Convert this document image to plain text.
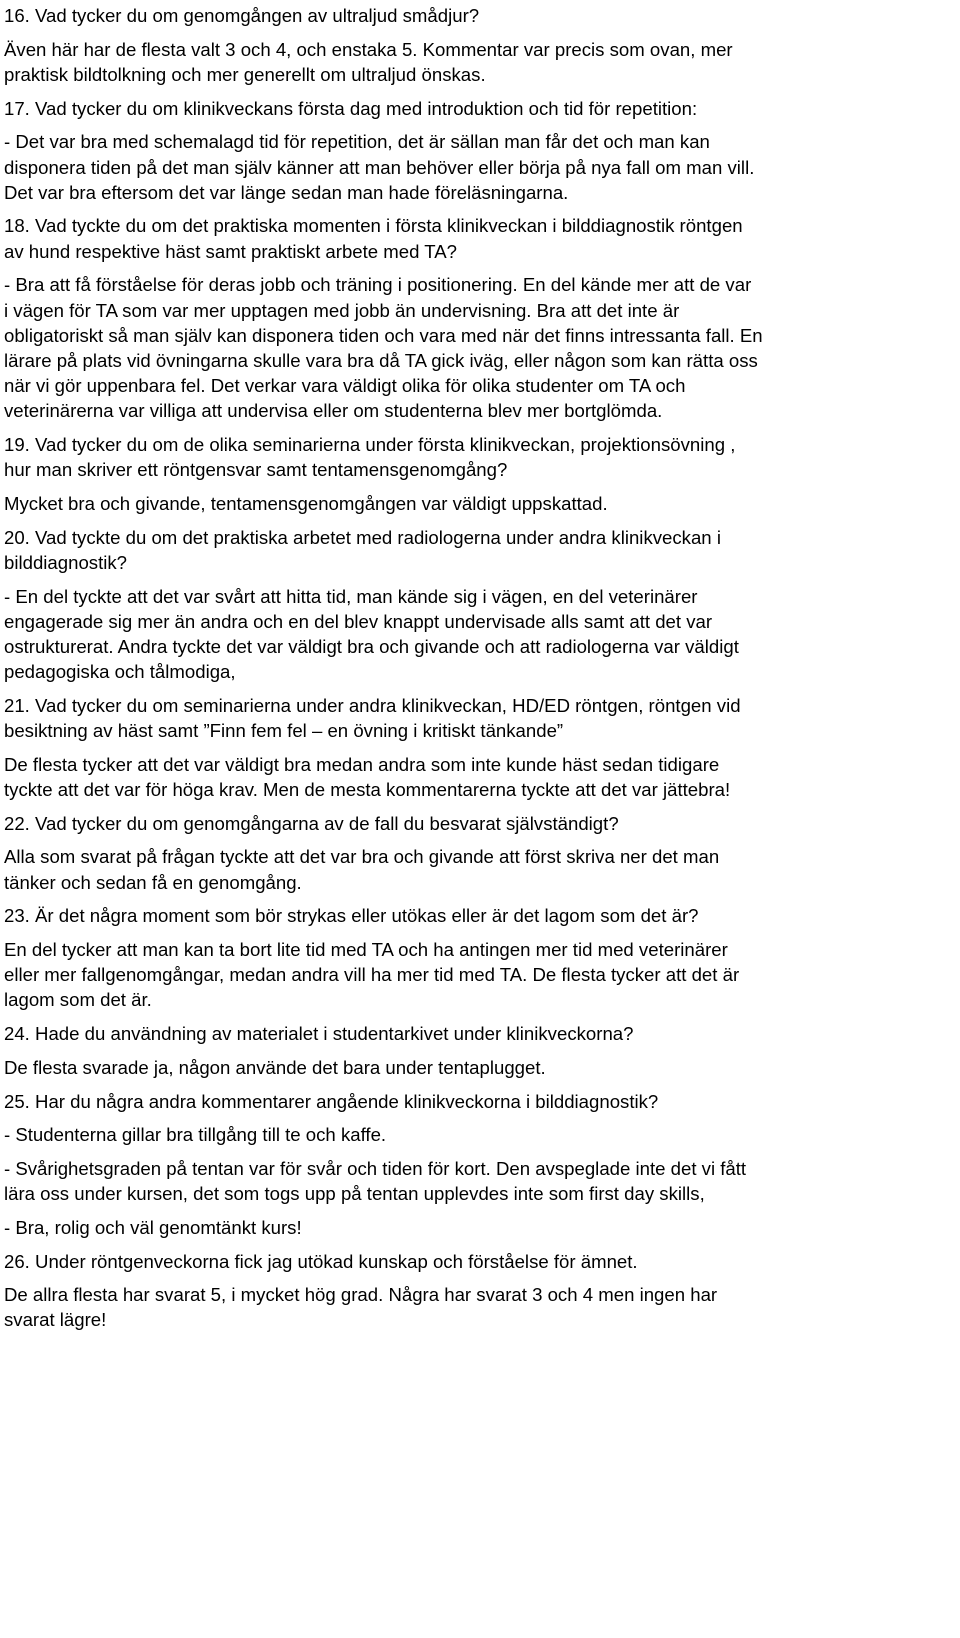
16. Vad tycker du om genomgången av ultraljud smådjur?
Även här har de flesta valt 3 och 4, och enstaka 5. Kommentar var precis som ovan, mer
praktisk bildtolkning och mer generellt om ultraljud önskas.
17. Vad tycker du om klinikveckans första dag med introduktion och tid för repetition:
- Det var bra med schemalagd tid för repetition, det är sällan man får det och man kan
disponera tiden på det man själv känner att man behöver eller börja på nya fall om man vill.
Det var bra eftersom det var länge sedan man hade föreläsningarna.
18. Vad tyckte du om det praktiska momenten i första klinikveckan i bilddiagnostik röntgen
av hund respektive häst samt praktiskt arbete med TA?
- Bra att få förståelse för deras jobb och träning i positionering. En del kände mer att de var
i vägen för TA som var mer upptagen med jobb än undervisning. Bra att det inte är
obligatoriskt så man själv kan disponera tiden och vara med när det finns intressanta fall. En
lärare på plats vid övningarna skulle vara bra då TA gick iväg, eller någon som kan rätta oss
när vi gör uppenbara fel. Det verkar vara väldigt olika för olika studenter om TA och
veterinärerna var villiga att undervisa eller om studenterna blev mer bortglömda.
19. Vad tycker du om de olika seminarierna under första klinikveckan, projektionsövning ,
hur man skriver ett röntgensvar samt tentamensgenomgång?
Mycket bra och givande, tentamensgenomgången var väldigt uppskattad.
20. Vad tyckte du om det praktiska arbetet med radiologerna under andra klinikveckan i
bilddiagnostik?
- En del tyckte att det var svårt att hitta tid, man kände sig i vägen, en del veterinärer
engagerade sig mer än andra och en del blev knappt undervisade alls samt att det var
ostrukturerat. Andra tyckte det var väldigt bra och givande och att radiologerna var väldigt
pedagogiska och tålmodiga,
21. Vad tycker du om seminarierna under andra klinikveckan, HD/ED röntgen, röntgen vid
besiktning av häst samt ”Finn fem fel – en övning i kritiskt tänkande”
De flesta tycker att det var väldigt bra medan andra som inte kunde häst sedan tidigare
tyckte att det var för höga krav. Men de mesta kommentarerna tyckte att det var jättebra!
22. Vad tycker du om genomgångarna av de fall du besvarat självständigt?
Alla som svarat på frågan tyckte att det var bra och givande att först skriva ner det man
tänker och sedan få en genomgång.
23. Är det några moment som bör strykas eller utökas eller är det lagom som det är?
En del tycker att man kan ta bort lite tid med TA och ha antingen mer tid med veterinärer
eller mer fallgenomgångar, medan andra vill ha mer tid med TA. De flesta tycker att det är
lagom som det är.
24. Hade du användning av materialet i studentarkivet under klinikveckorna?
De flesta svarade ja, någon använde det bara under tentaplugget.
25. Har du några andra kommentarer angående klinikveckorna i bilddiagnostik?
- Studenterna gillar bra tillgång till te och kaffe.
- Svårighetsgraden på tentan var för svår och tiden för kort. Den avspeglade inte det vi fått
lära oss under kursen, det som togs upp på tentan upplevdes inte som first day skills,
- Bra, rolig och väl genomtänkt kurs!
26. Under röntgenveckorna fick jag utökad kunskap och förståelse för ämnet.
De allra flesta har svarat 5, i mycket hög grad. Några har svarat 3 och 4 men ingen har
svarat lägre!
